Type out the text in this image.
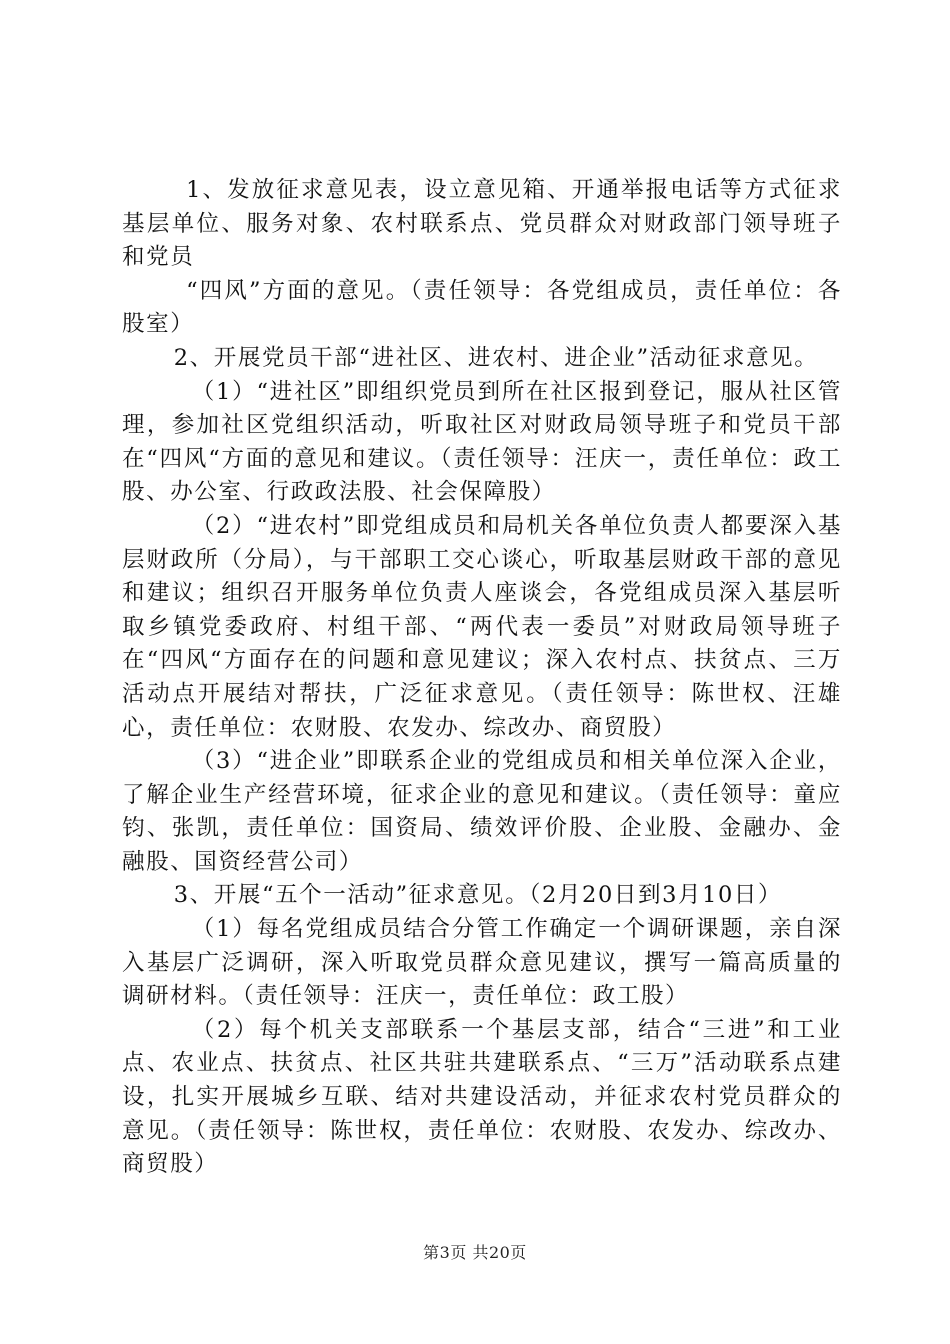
1、发放征求意见表，设立意见箱、开通举报电话等方式征求基层单位、服务对象、农村联系点、党员群众对财政部门领导班子和党员

“四风”方面的意见。（责任领导：各党组成员，责任单位：各股室）

2、开展党员干部“进社区、进农村、进企业”活动征求意见。

（1）“进社区”即组织党员到所在社区报到登记，服从社区管理，参加社区党组织活动，听取社区对财政局领导班子和党员干部在“四风“方面的意见和建议。（责任领导：汪庆一，责任单位：政工股、办公室、行政政法股、社会保障股）

（2）“进农村”即党组成员和局机关各单位负责人都要深入基层财政所（分局），与干部职工交心谈心，听取基层财政干部的意见和建议；组织召开服务单位负责人座谈会，各党组成员深入基层听取乡镇党委政府、村组干部、“两代表一委员”对财政局领导班子在“四风“方面存在的问题和意见建议；深入农村点、扶贫点、三万活动点开展结对帮扶，广泛征求意见。（责任领导：陈世权、汪雄心，责任单位：农财股、农发办、综改办、商贸股）

（3）“进企业”即联系企业的党组成员和相关单位深入企业，了解企业生产经营环境，征求企业的意见和建议。（责任领导：童应钧、张凯，责任单位：国资局、绩效评价股、企业股、金融办、金融股、国资经营公司）

3、开展“五个一活动”征求意见。（2月20日到3月10日）

（1）每名党组成员结合分管工作确定一个调研课题，亲自深入基层广泛调研，深入听取党员群众意见建议，撰写一篇高质量的调研材料。（责任领导：汪庆一，责任单位：政工股）

（2）每个机关支部联系一个基层支部，结合“三进”和工业点、农业点、扶贫点、社区共驻共建联系点、“三万”活动联系点建设，扎实开展城乡互联、结对共建设活动，并征求农村党员群众的意见。（责任领导：陈世权，责任单位：农财股、农发办、综改办、商贸股）

第3页 共20页
